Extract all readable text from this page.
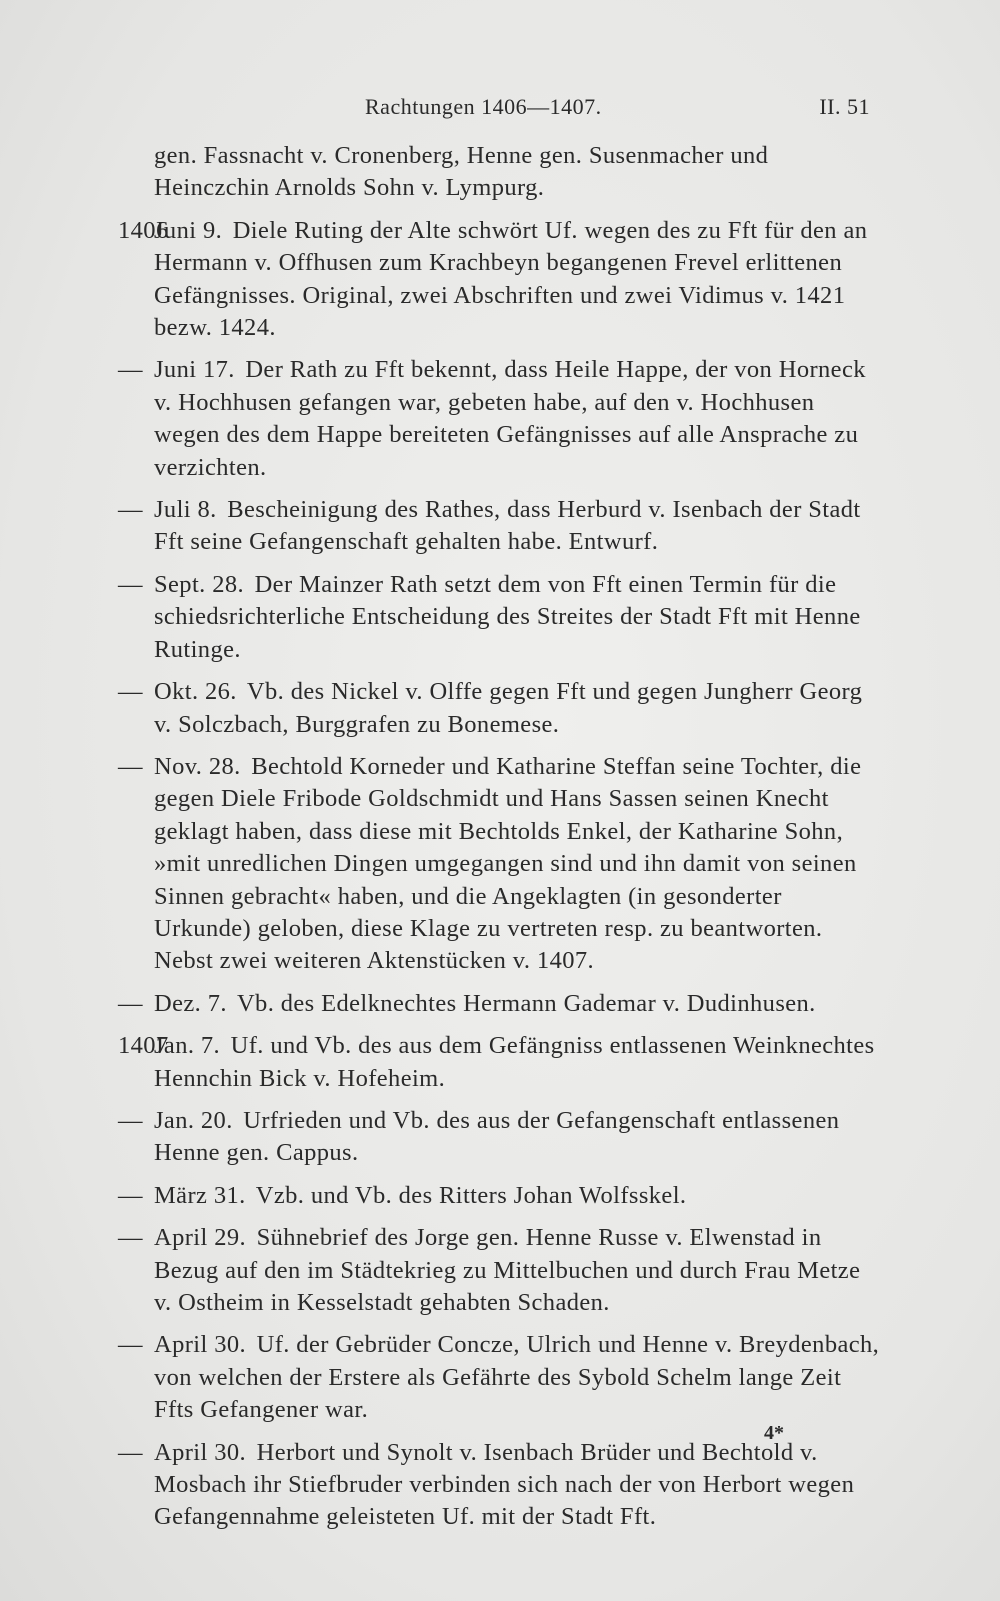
Rachtungen 1406—1407.	II. 51
gen. Fassnacht v. Cronenberg, Henne gen. Susenmacher und Heinczchin Arnolds Sohn v. Lympurg.
1406
Juni 9. Diele Ruting der Alte schwört Uf. wegen des zu Fft für den an Hermann v. Offhusen zum Krachbeyn begangenen Frevel erlittenen Gefängnisses. Original, zwei Abschriften und zwei Vidimus v. 1421 bezw. 1424.
— Juni 17. Der Rath zu Fft bekennt, dass Heile Happe, der von Horneck v. Hochhusen gefangen war, gebeten habe, auf den v. Hochhusen wegen des dem Happe bereiteten Gefängnisses auf alle Ansprache zu verzichten.
— Juli 8. Bescheinigung des Rathes, dass Herburd v. Isenbach der Stadt Fft seine Gefangenschaft gehalten habe. Entwurf.
— Sept. 28. Der Mainzer Rath setzt dem von Fft einen Termin für die schiedsrichterliche Entscheidung des Streites der Stadt Fft mit Henne Rutinge.
— Okt. 26. Vb. des Nickel v. Olffe gegen Fft und gegen Jungherr Georg v. Solczbach, Burggrafen zu Bonemese.
— Nov. 28. Bechtold Korneder und Katharine Steffan seine Tochter, die gegen Diele Fribode Goldschmidt und Hans Sassen seinen Knecht geklagt haben, dass diese mit Bechtolds Enkel, der Katharine Sohn, »mit unredlichen Dingen umgegangen sind und ihn damit von seinen Sinnen gebracht« haben, und die Angeklagten (in gesonderter Urkunde) geloben, diese Klage zu vertreten resp. zu beantworten. Nebst zwei weiteren Aktenstücken v. 1407.
— Dez. 7. Vb. des Edelknechtes Hermann Gademar v. Dudinhusen.
1407
Jan. 7. Uf. und Vb. des aus dem Gefängniss entlassenen Weinknechtes Hennchin Bick v. Hofeheim.
— Jan. 20. Urfrieden und Vb. des aus der Gefangenschaft entlassenen Henne gen. Cappus.
— März 31. Vzb. und Vb. des Ritters Johan Wolfsskel.
— April 29. Sühnebrief des Jorge gen. Henne Russe v. Elwenstad in Bezug auf den im Städtekrieg zu Mittelbuchen und durch Frau Metze v. Ostheim in Kesselstadt gehabten Schaden.
— April 30. Uf. der Gebrüder Concze, Ulrich und Henne v. Breydenbach, von welchen der Erstere als Gefährte des Sybold Schelm lange Zeit Ffts Gefangener war.
— April 30. Herbort und Synolt v. Isenbach Brüder und Bechtold v. Mosbach ihr Stiefbruder verbinden sich nach der von Herbort wegen Gefangennahme geleisteten Uf. mit der Stadt Fft.
4*
